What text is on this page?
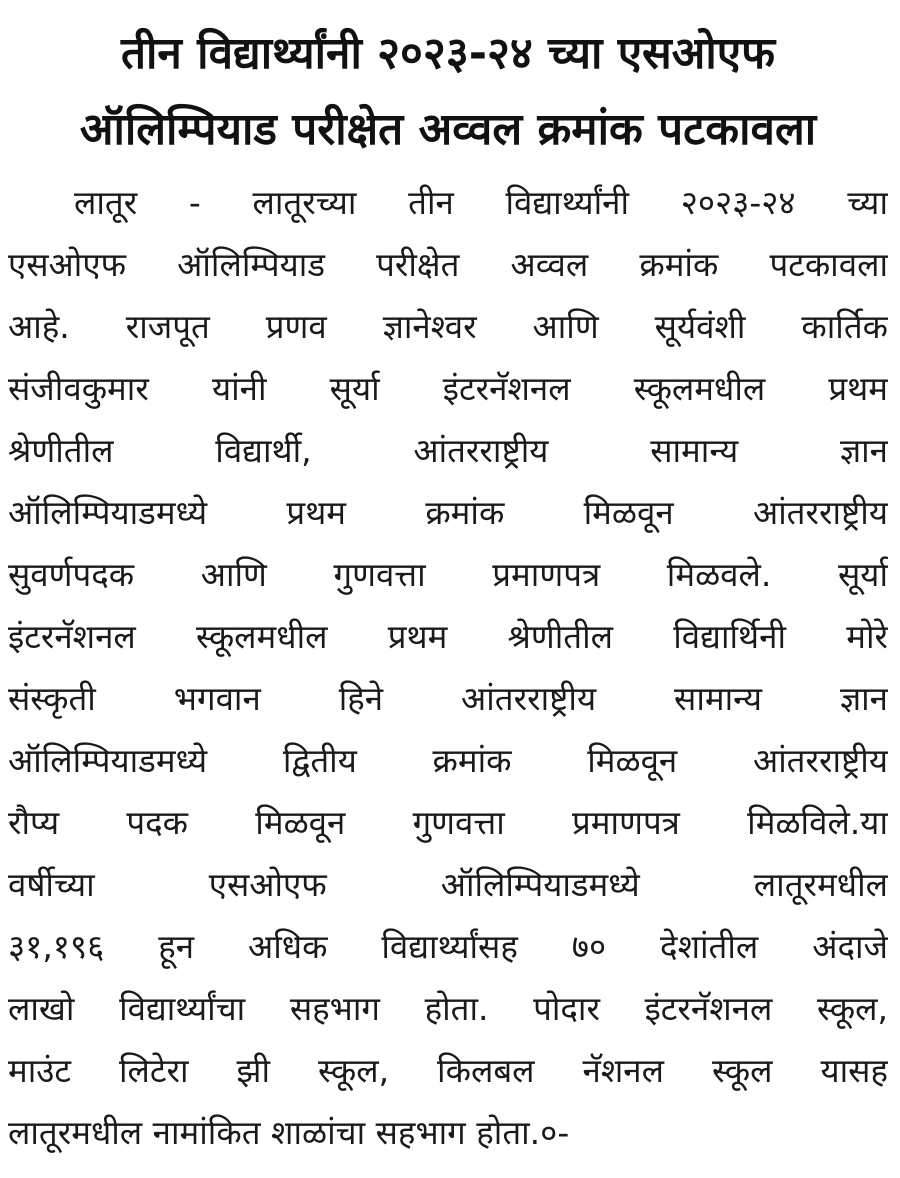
तीन विद्यार्थ्यांनी २०२३-२४ च्या एसओएफ
ऑलिम्पियाड परीक्षेत अव्वल क्रमांक पटकावला
लातूर - लातूरच्या तीन विद्यार्थ्यांनी २०२३-२४ च्या
एसओएफ ऑलिम्पियाड परीक्षेत अव्वल क्रमांक पटकावला
आहे. राजपूत प्रणव ज्ञानेश्वर आणि सूर्यवंशी कार्तिक
संजीवकुमार यांनी सूर्या इंटरनॅशनल स्कूलमधील प्रथम
श्रेणीतील विद्यार्थी, आंतरराष्ट्रीय सामान्य ज्ञान
ऑलिम्पियाडमध्ये प्रथम क्रमांक मिळवून आंतरराष्ट्रीय
सुवर्णपदक आणि गुणवत्ता प्रमाणपत्र मिळवले. सूर्या
इंटरनॅशनल स्कूलमधील प्रथम श्रेणीतील विद्यार्थिनी मोरे
संस्कृती भगवान हिने आंतरराष्ट्रीय सामान्य ज्ञान
ऑलिम्पियाडमध्ये द्वितीय क्रमांक मिळवून आंतरराष्ट्रीय
रौप्य पदक मिळवून गुणवत्ता प्रमाणपत्र मिळविले.या
वर्षीच्या एसओएफ ऑलिम्पियाडमध्ये लातूरमधील
३१,१९६ हून अधिक विद्यार्थ्यांसह ७० देशांतील अंदाजे
लाखो विद्यार्थ्यांचा सहभाग होता. पोदार इंटरनॅशनल स्कूल,
माउंट लिटेरा झी स्कूल, किलबल नॅशनल स्कूल यासह
लातूरमधील नामांकित शाळांचा सहभाग होता.०-
